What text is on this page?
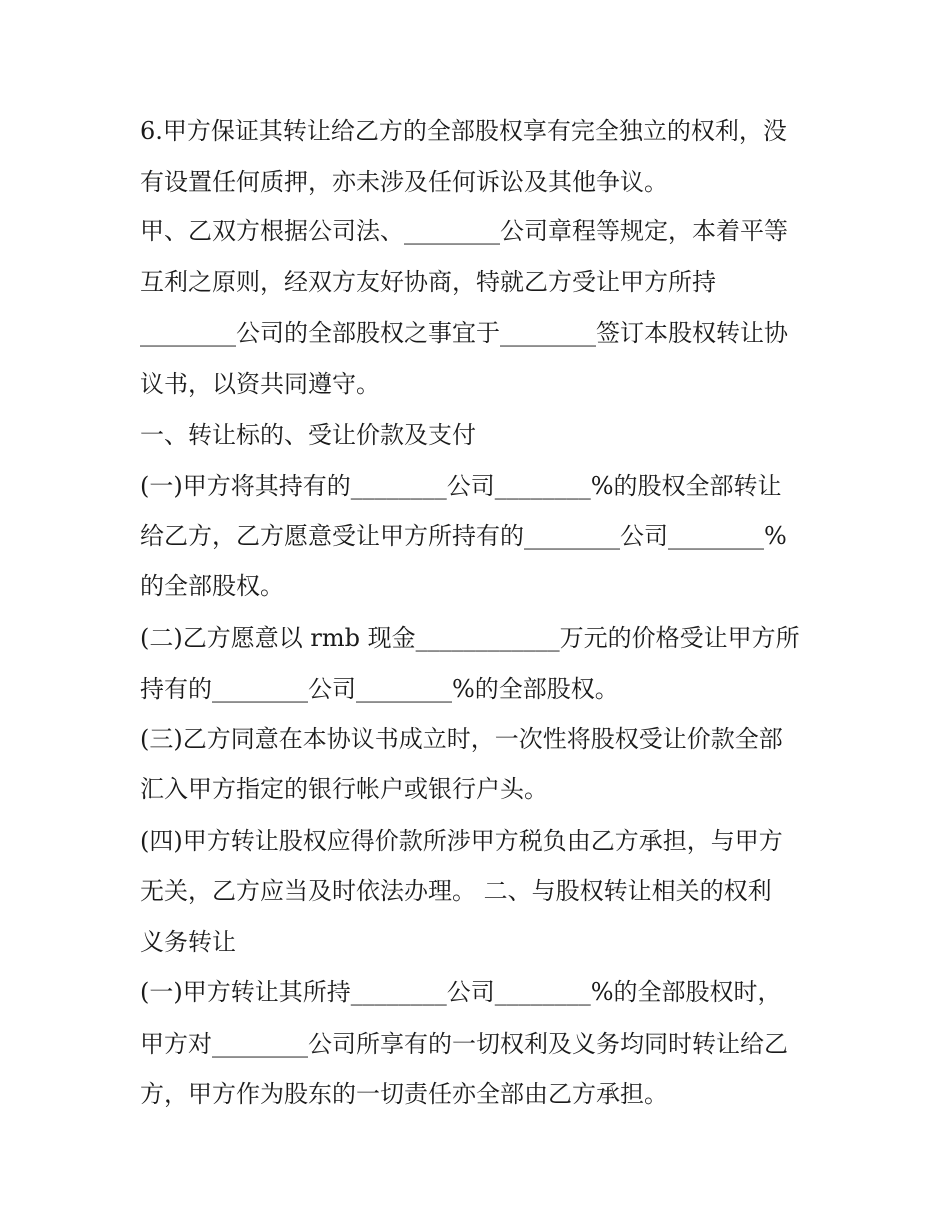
6.甲方保证其转让给乙方的全部股权享有完全独立的权利，没
有设置任何质押，亦未涉及任何诉讼及其他争议。
甲、乙双方根据公司法、________公司章程等规定，本着平等
互利之原则，经双方友好协商，特就乙方受让甲方所持
________公司的全部股权之事宜于________签订本股权转让协
议书，以资共同遵守。
一、转让标的、受让价款及支付
(一)甲方将其持有的________公司________%的股权全部转让
给乙方，乙方愿意受让甲方所持有的________公司________%
的全部股权。
(二)乙方愿意以 rmb 现金____________万元的价格受让甲方所
持有的________公司________%的全部股权。
(三)乙方同意在本协议书成立时，一次性将股权受让价款全部
汇入甲方指定的银行帐户或银行户头。
(四)甲方转让股权应得价款所涉甲方税负由乙方承担，与甲方
无关，乙方应当及时依法办理。 二、与股权转让相关的权利
义务转让
(一)甲方转让其所持________公司________%的全部股权时，
甲方对________公司所享有的一切权利及义务均同时转让给乙
方，甲方作为股东的一切责任亦全部由乙方承担。
